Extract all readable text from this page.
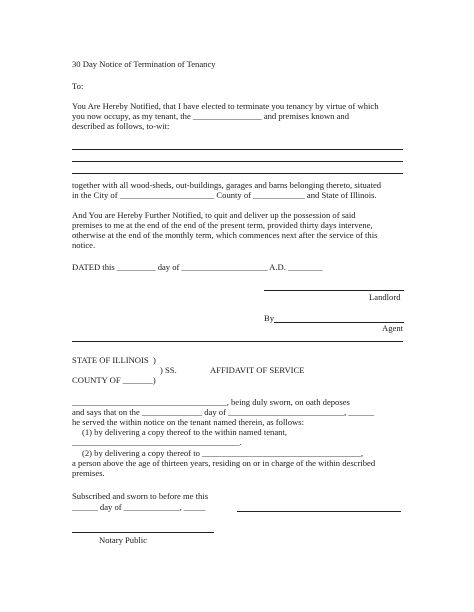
30 Day Notice of Termination of Tenancy

To:

You Are Hereby Notified, that I have elected to terminate you tenancy by virtue of which

you now occupy, as my tenant, the ________________ and premises known and

described as follows, to-wit:

together with all wood-sheds, out-buildings, garages and barns belonging thereto, situated

in the City of ______________________ County of ____________ and State of Illinois.

And You are Hereby Further Notified, to quit and deliver up the possession of said

premises to me at the end of the end of the present term, provided thirty days intervene,

otherwise at the end of the monthly term, which commences next after the service of this

notice.

DATED this _________ day of ____________________ A.D. ________

Landlord

By

Agent

STATE OF ILLINOIS  )

) SS.	AFFIDAVIT OF SERVICE

COUNTY OF _______)

____________________________________, being duly sworn, on oath deposes

and says that on the ______________ day of ___________________________, ______

he served the within notice on the tenant named therein, as follows:

(1) by delivering a copy thereof to the within named tenant,

_______________________________________.

(2) by delivering a copy thereof to _____________________________________,

a person above the age of thirteen years, residing on or in charge of the within described

premises.

Subscribed and sworn to before me this

______ day of _____________, _____

Notary Public
